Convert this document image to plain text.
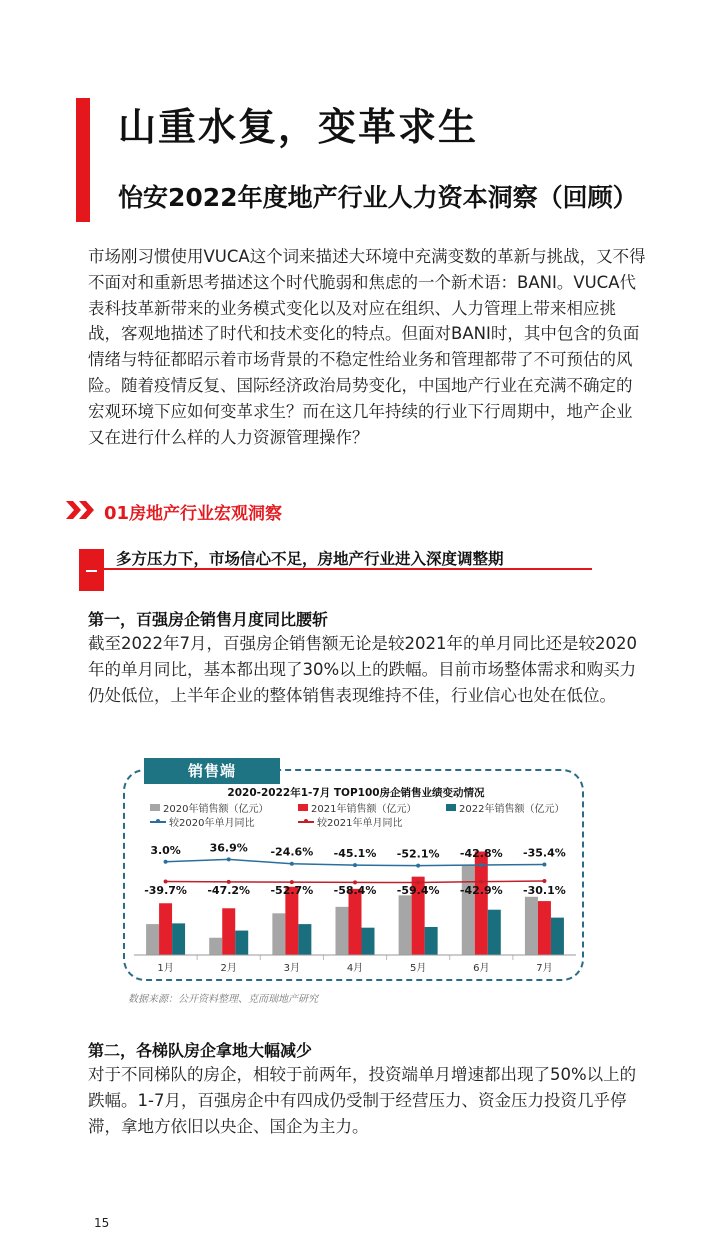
山重水复，变革求生
怡安2022年度地产行业人力资本洞察（回顾）

市场刚习惯使用VUCA这个词来描述大环境中充满变数的革新与挑战，又不得不面对和重新思考描述这个时代脆弱和焦虑的一个新术语：BANI。VUCA代表科技革新带来的业务模式变化以及对应在组织、人力管理上带来相应挑战，客观地描述了时代和技术变化的特点。但面对BANI时，其中包含的负面情绪与特征都昭示着市场背景的不稳定性给业务和管理都带了不可预估的风险。随着疫情反复、国际经济政治局势变化，中国地产行业在充满不确定的宏观环境下应如何变革求生？而在这几年持续的行业下行周期中，地产企业又在进行什么样的人力资源管理操作？

01房地产行业宏观洞察
多方压力下，市场信心不足，房地产行业进入深度调整期
第一，百强房企销售月度同比腰斩

截至2022年7月，百强房企销售额无论是较2021年的单月同比还是较2020年的单月同比，基本都出现了30%以上的跌幅。目前市场整体需求和购买力仍处低位，上半年企业的整体销售表现维持不佳，行业信心也处在低位。

销售端
2020-2022年1-7月 TOP100房企销售业绩变动情况
2020年销售额（亿元）	2021年销售额（亿元）	2022年销售额（亿元）
较2020年单月同比	较2021年单月同比
1月	2月	3月	4月	5月	6月	7月
3.0%	36.9% -24.6% -45.1% -52.1% -42.8% -35.4%
-39.7% -47.2% -52.7% -58.4% -59.4% -42.9% -30.1%
数据来源：公开资料整理、克而瑞地产研究
第二，各梯队房企拿地大幅减少

对于不同梯队的房企，相较于前两年，投资端单月增速都出现了50%以上的跌幅。1-7月，百强房企中有四成仍受制于经营压力、资金压力投资几乎停滞，拿地方依旧以央企、国企为主力。

15
